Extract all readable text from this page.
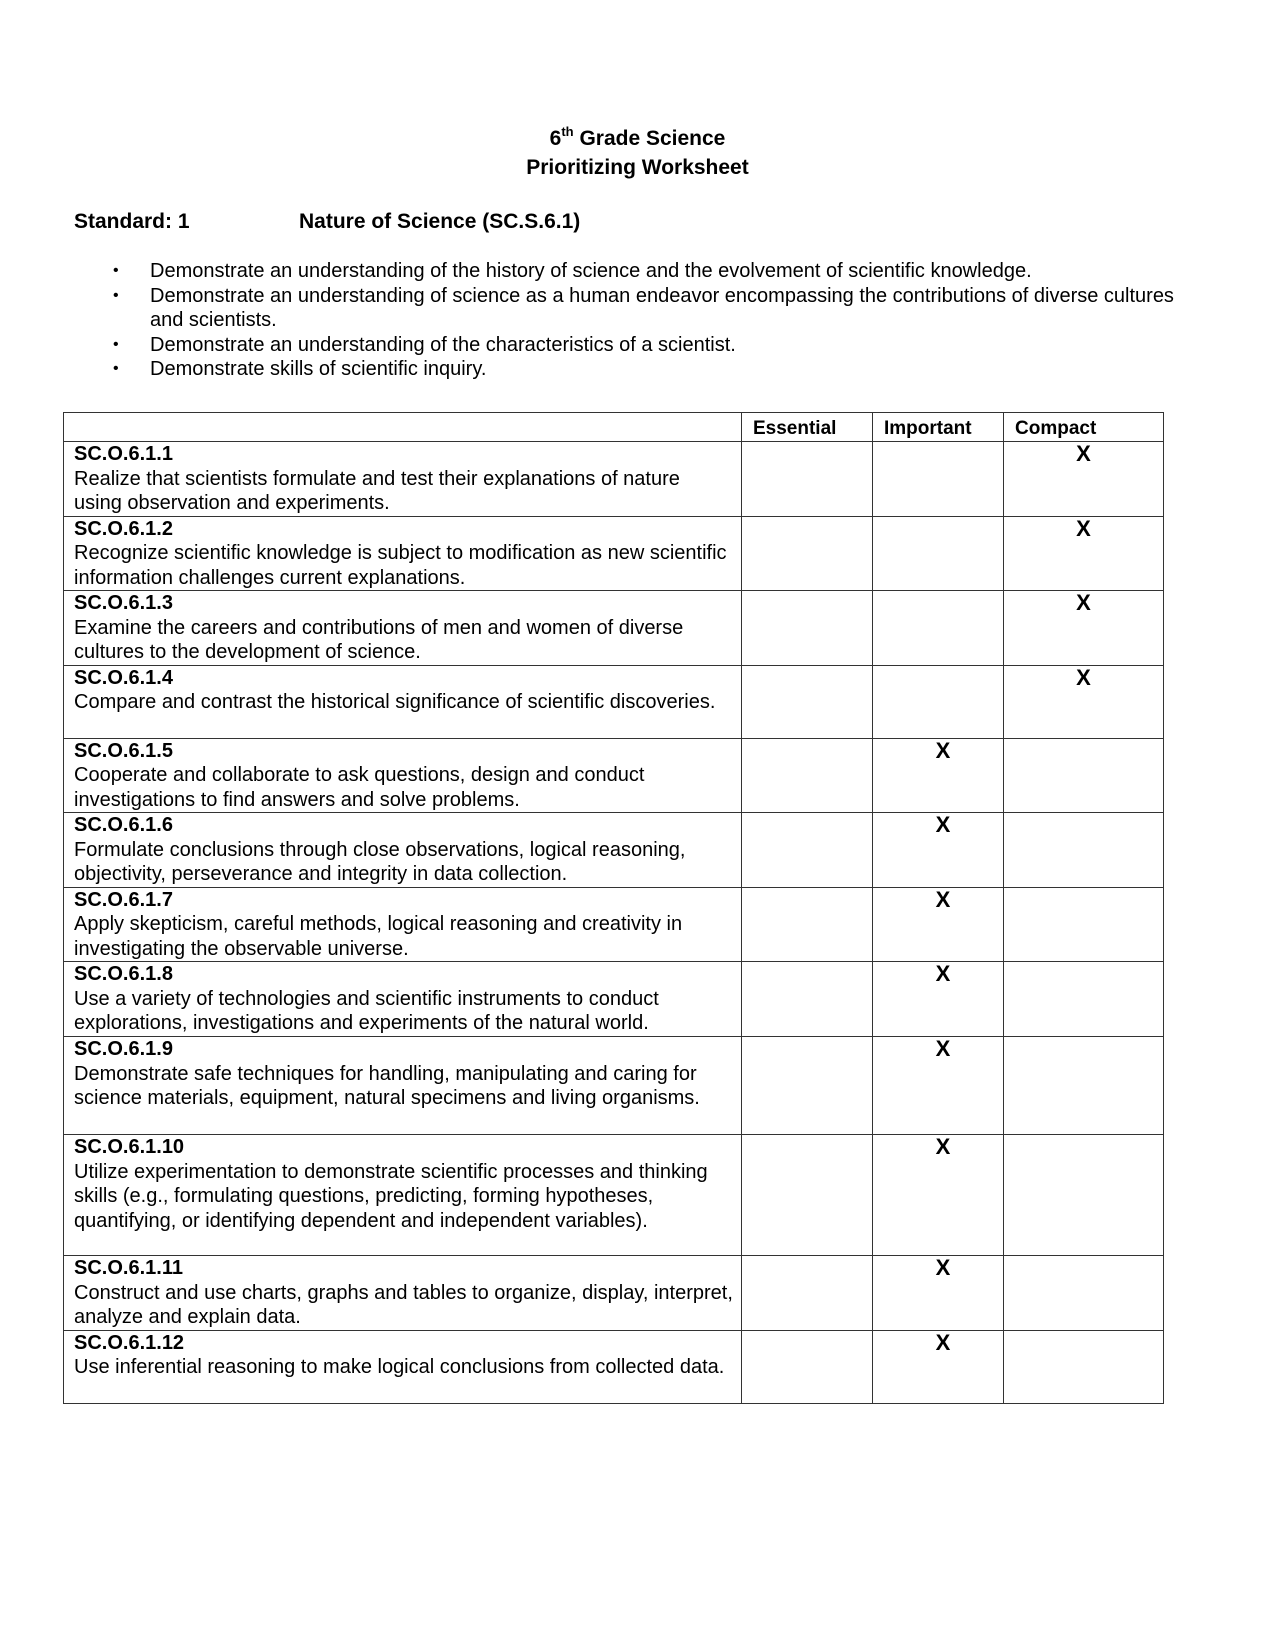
6th Grade Science
Prioritizing Worksheet
Standard: 1	Nature of Science (SC.S.6.1)
• Demonstrate an understanding of the history of science and the evolvement of scientific knowledge.
• Demonstrate an understanding of science as a human endeavor encompassing the contributions of diverse cultures and scientists.
• Demonstrate an understanding of the characteristics of a scientist.
• Demonstrate skills of scientific inquiry.
	Essential	Important	Compact

SC.O.6.1.1
Realize that scientists formulate and test their explanations of nature using observation and experiments.			X

SC.O.6.1.2
Recognize scientific knowledge is subject to modification as new scientific information challenges current explanations.			X

SC.O.6.1.3
Examine the careers and contributions of men and women of diverse cultures to the development of science.			X

SC.O.6.1.4
Compare and contrast the historical significance of scientific discoveries.			X

SC.O.6.1.5
Cooperate and collaborate to ask questions, design and conduct investigations to find answers and solve problems.		X	

SC.O.6.1.6
Formulate conclusions through close observations, logical reasoning, objectivity, perseverance and integrity in data collection.		X	

SC.O.6.1.7
Apply skepticism, careful methods, logical reasoning and creativity in investigating the observable universe.		X	

SC.O.6.1.8
Use a variety of technologies and scientific instruments to conduct explorations, investigations and experiments of the natural world.		X	

SC.O.6.1.9
Demonstrate safe techniques for handling, manipulating and caring for science materials, equipment, natural specimens and living organisms.		X	

SC.O.6.1.10
Utilize experimentation to demonstrate scientific processes and thinking skills (e.g., formulating questions, predicting, forming hypotheses, quantifying, or identifying dependent and independent variables).		X	

SC.O.6.1.11
Construct and use charts, graphs and tables to organize, display, interpret, analyze and explain data.		X	

SC.O.6.1.12
Use inferential reasoning to make logical conclusions from collected data.		X	
